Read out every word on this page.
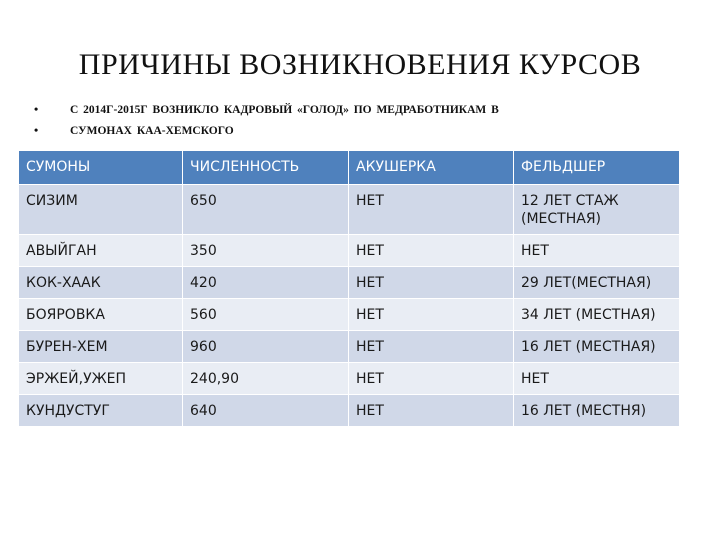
ПРИЧИНЫ ВОЗНИКНОВЕНИЯ КУРСОВ
•	С 2014Г-2015Г ВОЗНИКЛО КАДРОВЫЙ «ГОЛОД» ПО МЕДРАБОТНИКАМ В
•	СУМОНАХ КАА-ХЕМСКОГО
СУМОНЫ	ЧИСЛЕННОСТЬ	АКУШЕРКА	ФЕЛЬДШЕР
СИЗИМ	650	НЕТ	12 ЛЕТ СТАЖ (МЕСТНАЯ)
АВЫЙГАН	350	НЕТ	НЕТ
КОК-ХААК	420	НЕТ	29 ЛЕТ(МЕСТНАЯ)
БОЯРОВКА	560	НЕТ	34 ЛЕТ (МЕСТНАЯ)
БУРЕН-ХЕМ	960	НЕТ	16 ЛЕТ (МЕСТНАЯ)
ЭРЖЕЙ,УЖЕП	240,90	НЕТ	НЕТ
КУНДУСТУГ	640	НЕТ	16 ЛЕТ (МЕСТНЯ)
